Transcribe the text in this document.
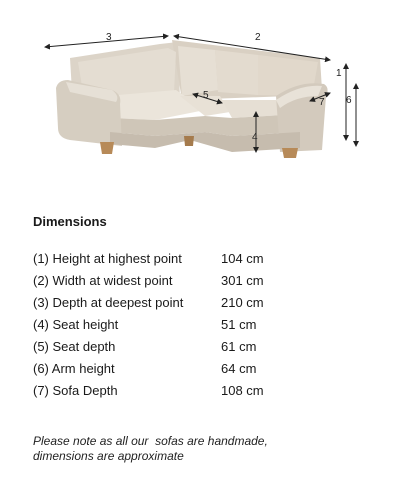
1
2
3
4
5	6
7
Dimensions
(1) Height at highest point	104 cm
(2) Width at widest point	301 cm
(3) Depth at deepest point	210 cm
(4) Seat height	51 cm
(5) Seat depth	61 cm
(6) Arm height	64 cm
(7) Sofa Depth	108 cm
Please note as all our  sofas are handmade,
dimensions are approximate
